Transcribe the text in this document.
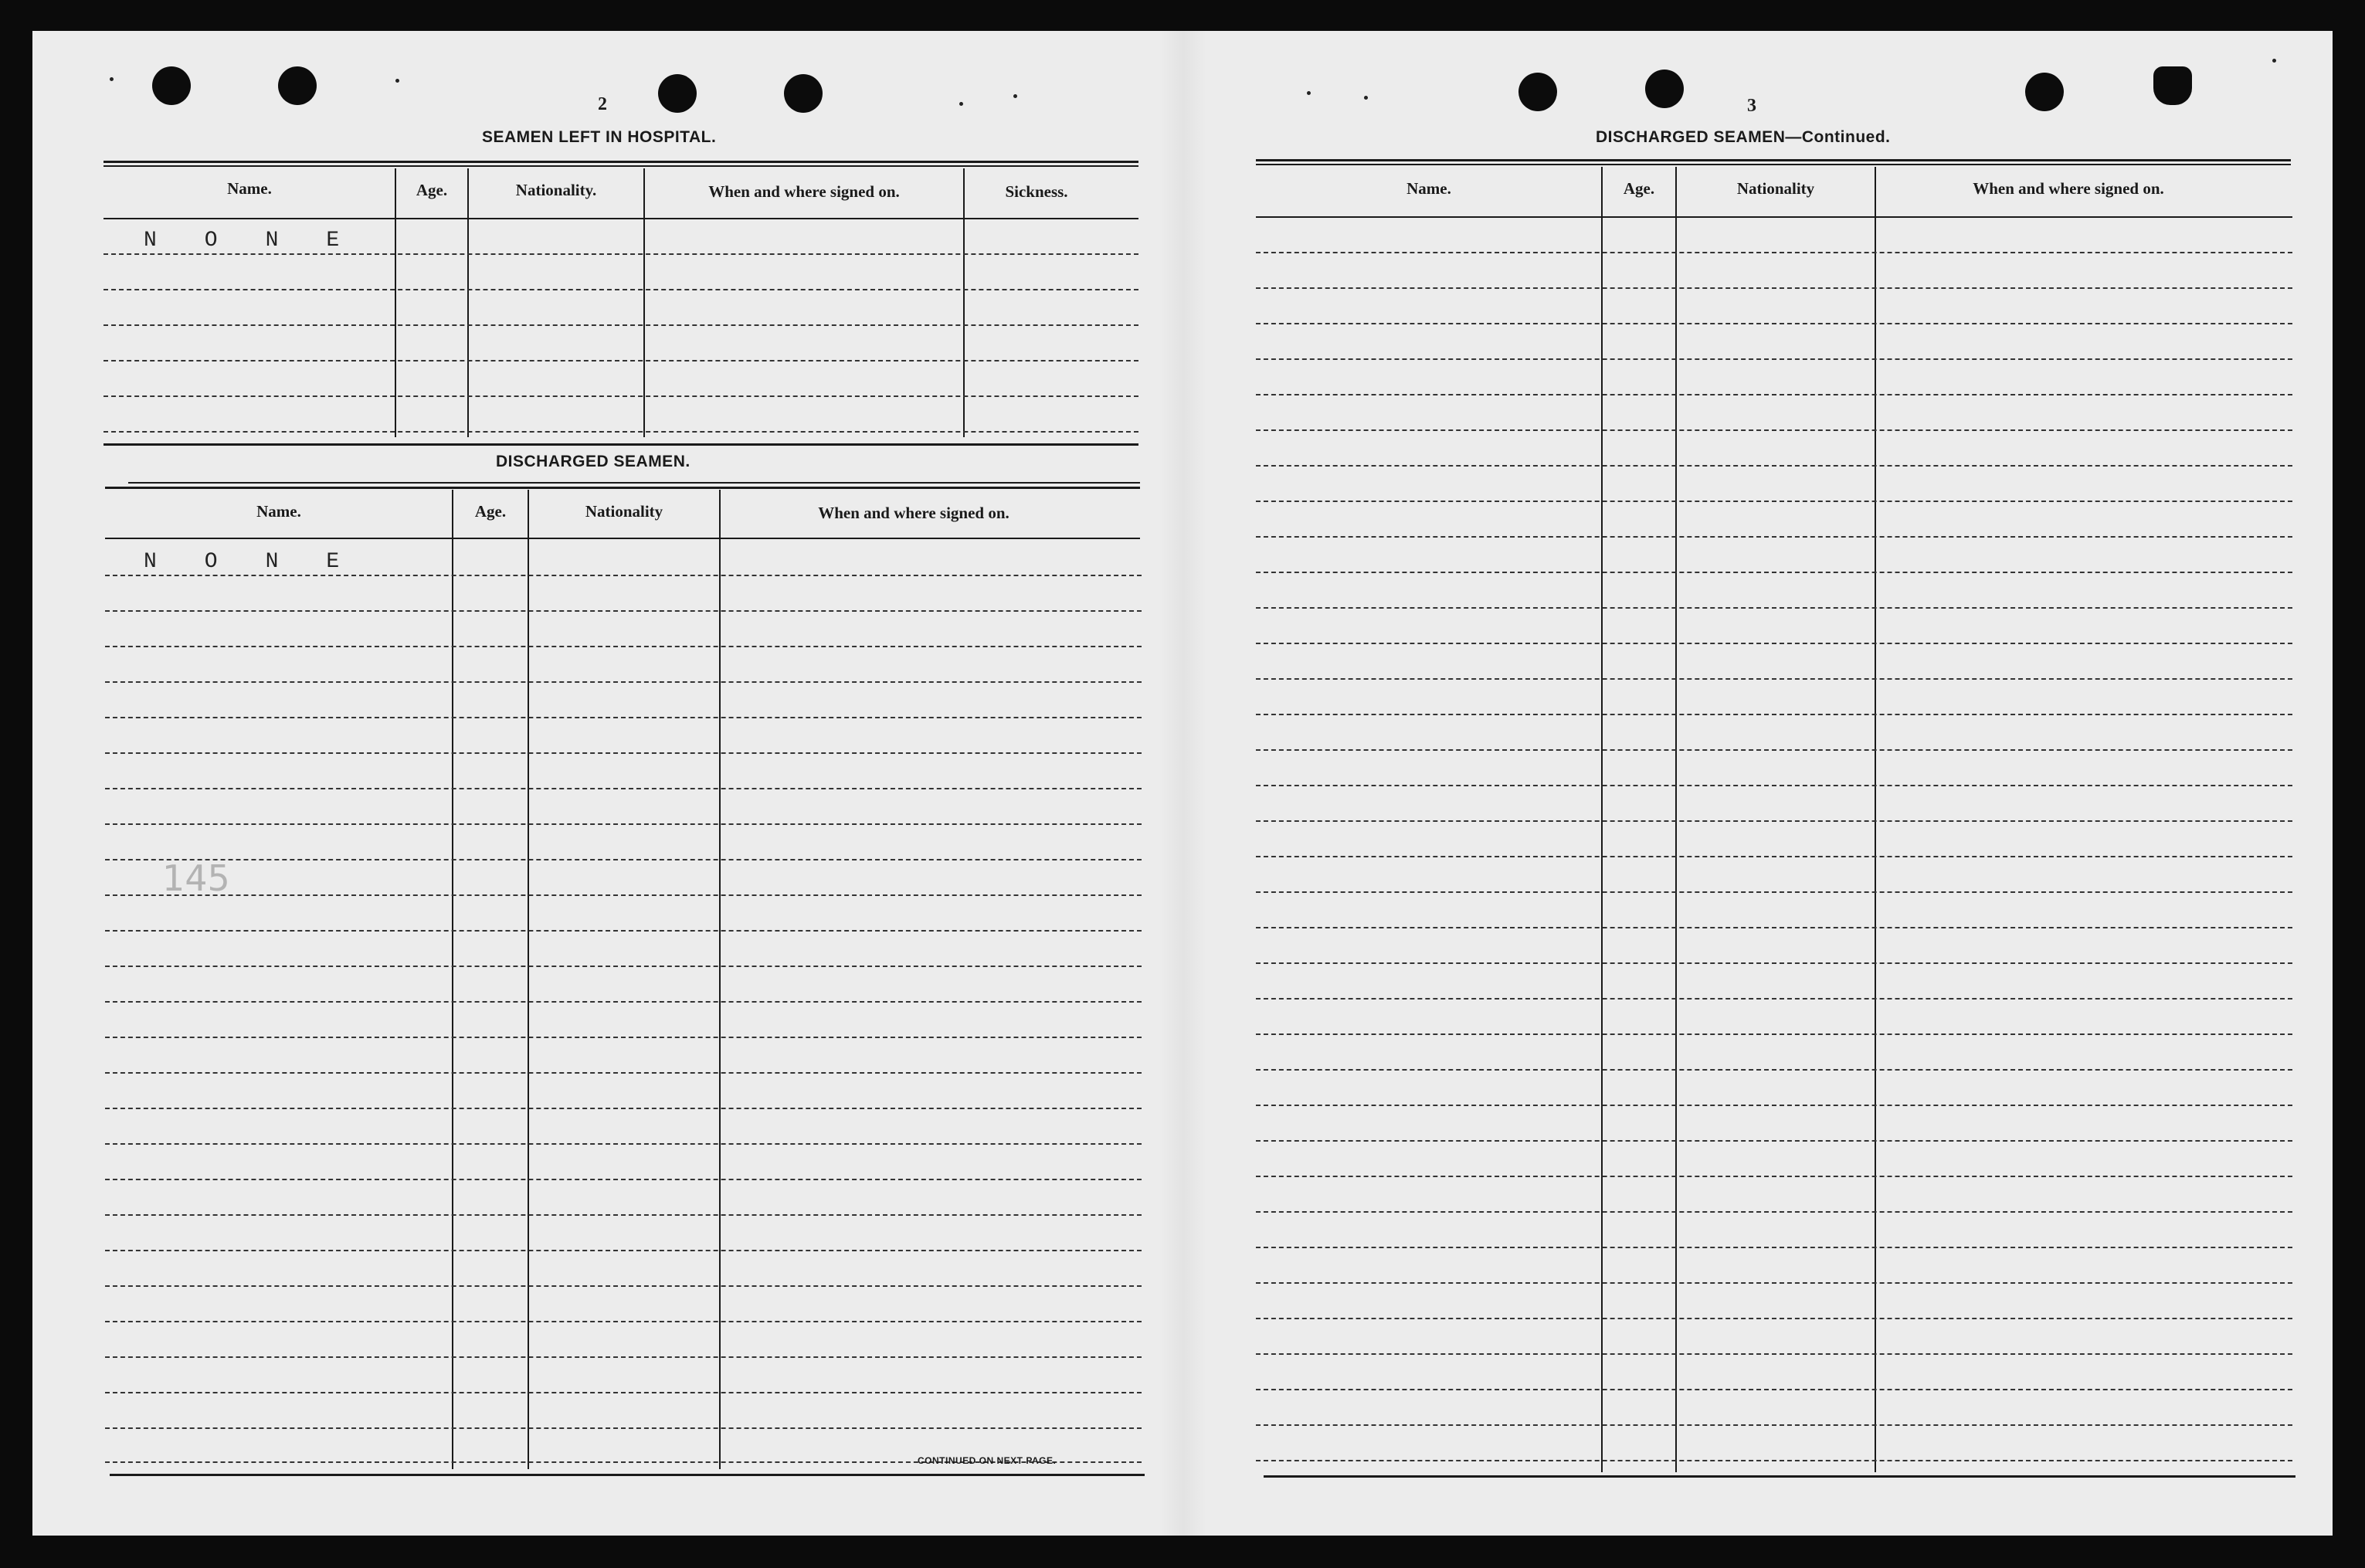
2
SEAMEN LEFT IN HOSPITAL.
Name.	Age.	Nationality.	When and where signed on.	Sickness.
NONE
DISCHARGED SEAMEN.
Name.	Age.	Nationality	When and where signed on.
NONE
145
CONTINUED ON NEXT PAGE.
3
DISCHARGED SEAMEN—Continued.
Name.	Age.	Nationality	When and where signed on.
